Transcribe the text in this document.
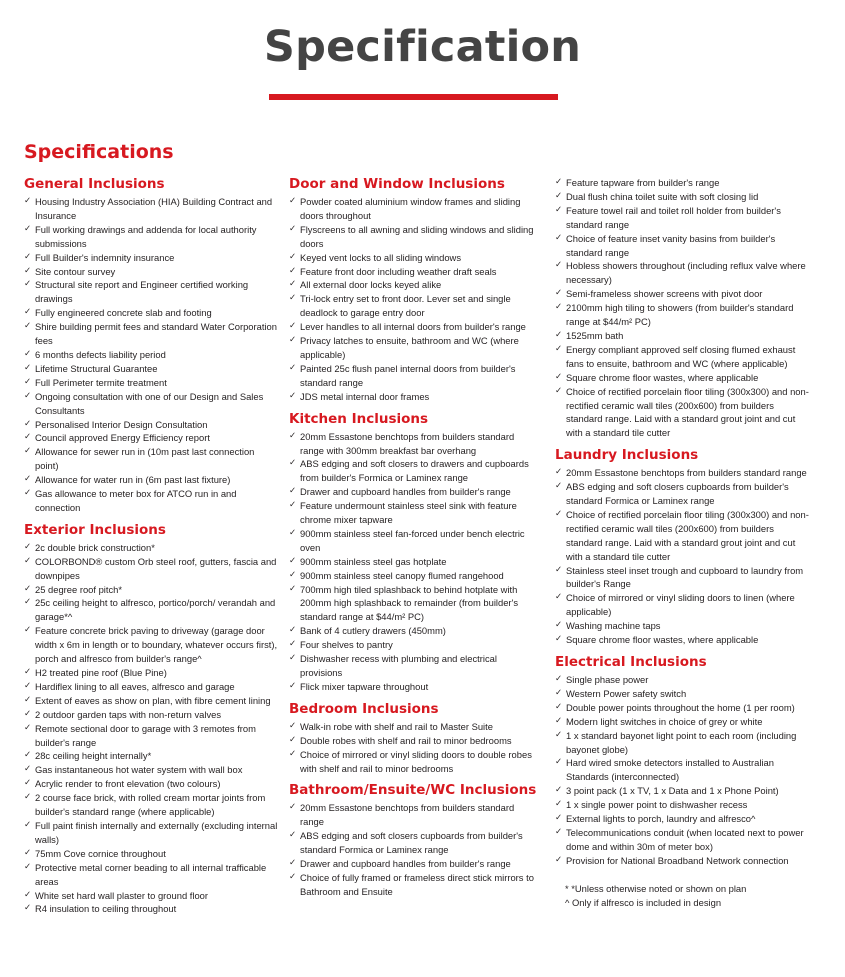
Specification
Specifications
General Inclusions
✓ Housing Industry Association (HIA) Building Contract and Insurance
✓ Full working drawings and addenda for local authority submissions
✓ Full Builder's indemnity insurance
✓ Site contour survey
✓ Structural site report and Engineer certified working drawings
✓ Fully engineered concrete slab and footing
✓ Shire building permit fees and standard Water Corporation fees
✓ 6 months defects liability period
✓ Lifetime Structural Guarantee
✓ Full Perimeter termite treatment
✓ Ongoing consultation with one of our Design and Sales Consultants
✓ Personalised Interior Design Consultation
✓ Council approved Energy Efficiency report
✓ Allowance for sewer run in (10m past last connection point)
✓ Allowance for water run in (6m past last fixture)
✓ Gas allowance to meter box for ATCO run in and connection
Exterior Inclusions
✓ 2c double brick construction*
✓ COLORBOND® custom Orb steel roof, gutters, fascia and downpipes
✓ 25 degree roof pitch*
✓ 25c ceiling height to alfresco, portico/porch/ verandah and garage*^
✓ Feature concrete brick paving to driveway (garage door width x 6m in length or to boundary, whatever occurs first), porch and alfresco from builder's range^
✓ H2 treated pine roof (Blue Pine)
✓ Hardiflex lining to all eaves, alfresco and garage
✓ Extent of eaves as show on plan, with fibre cement lining
✓ 2 outdoor garden taps with non-return valves
✓ Remote sectional door to garage with 3 remotes from builder's range
✓ 28c ceiling height internally*
✓ Gas instantaneous hot water system with wall box
✓ Acrylic render to front elevation (two colours)
✓ 2 course face brick, with rolled cream mortar joints from builder's standard range (where applicable)
✓ Full paint finish internally and externally (excluding internal walls)
✓ 75mm Cove cornice throughout
✓ Protective metal corner beading to all internal trafficable areas
✓ White set hard wall plaster to ground floor
✓ R4 insulation to ceiling throughout
Door and Window Inclusions
✓ Powder coated aluminium window frames and sliding doors throughout
✓ Flyscreens to all awning and sliding windows and sliding doors
✓ Keyed vent locks to all sliding windows
✓ Feature front door including weather draft seals
✓ All external door locks keyed alike
✓ Tri-lock entry set to front door. Lever set and single deadlock to garage entry door
✓ Lever handles to all internal doors from builder's range
✓ Privacy latches to ensuite, bathroom and WC (where applicable)
✓ Painted 25c flush panel internal doors from builder's standard range
✓ JDS metal internal door frames
Kitchen Inclusions
✓ 20mm Essastone benchtops from builders standard range with 300mm breakfast bar overhang
✓ ABS edging and soft closers to drawers and cupboards from builder's Formica or Laminex range
✓ Drawer and cupboard handles from builder's range
✓ Feature undermount stainless steel sink with feature chrome mixer tapware
✓ 900mm stainless steel fan-forced under bench electric oven
✓ 900mm stainless steel gas hotplate
✓ 900mm stainless steel canopy flumed rangehood
✓ 700mm high tiled splashback to behind hotplate with 200mm high splashback to remainder (from builder's standard range at $44/m² PC)
✓ Bank of 4 cutlery drawers (450mm)
✓ Four shelves to pantry
✓ Dishwasher recess with plumbing and electrical provisions
✓ Flick mixer tapware throughout
Bedroom Inclusions
✓ Walk-in robe with shelf and rail to Master Suite
✓ Double robes with shelf and rail to minor bedrooms
✓ Choice of mirrored or vinyl sliding doors to double robes with shelf and rail to minor bedrooms
Bathroom/Ensuite/WC Inclusions
✓ 20mm Essastone benchtops from builders standard range
✓ ABS edging and soft closers cupboards from builder's standard Formica or Laminex range
✓ Drawer and cupboard handles from builder's range
✓ Choice of fully framed or frameless direct stick mirrors to Bathroom and Ensuite
✓ Feature tapware from builder's range
✓ Dual flush china toilet suite with soft closing lid
✓ Feature towel rail and toilet roll holder from builder's standard range
✓ Choice of feature inset vanity basins from builder's standard range
✓ Hobless showers throughout (including reflux valve where necessary)
✓ Semi-frameless shower screens with pivot door
✓ 2100mm high tiling to showers (from builder's standard range at $44/m² PC)
✓ 1525mm bath
✓ Energy compliant approved self closing flumed exhaust fans to ensuite, bathroom and WC (where applicable)
✓ Square chrome floor wastes, where applicable
✓ Choice of rectified porcelain floor tiling (300x300) and non-rectified ceramic wall tiles (200x600) from builders standard range. Laid with a standard grout joint and cut with a standard tile cutter
Laundry Inclusions
✓ 20mm Essastone benchtops from builders standard range
✓ ABS edging and soft closers cupboards from builder's standard Formica or Laminex range
✓ Choice of rectified porcelain floor tiling (300x300) and non-rectified ceramic wall tiles (200x600) from builders standard range. Laid with a standard grout joint and cut with a standard tile cutter
✓ Stainless steel inset trough and cupboard to laundry from builder's Range
✓ Choice of mirrored or vinyl sliding doors to linen (where applicable)
✓ Washing machine taps
✓ Square chrome floor wastes, where applicable
Electrical Inclusions
✓ Single phase power
✓ Western Power safety switch
✓ Double power points throughout the home (1 per room)
✓ Modern light switches in choice of grey or white
✓ 1 x standard bayonet light point to each room (including bayonet globe)
✓ Hard wired smoke detectors installed to Australian Standards (interconnected)
✓ 3 point pack (1 x TV, 1 x Data and 1 x Phone Point)
✓ 1 x single power point to dishwasher recess
✓ External lights to porch, laundry and alfresco^
✓ Telecommunications conduit (when located next to power dome and within 30m of meter box)
✓ Provision for National Broadband Network connection
* *Unless otherwise noted or shown on plan
^ Only if alfresco is included in design
